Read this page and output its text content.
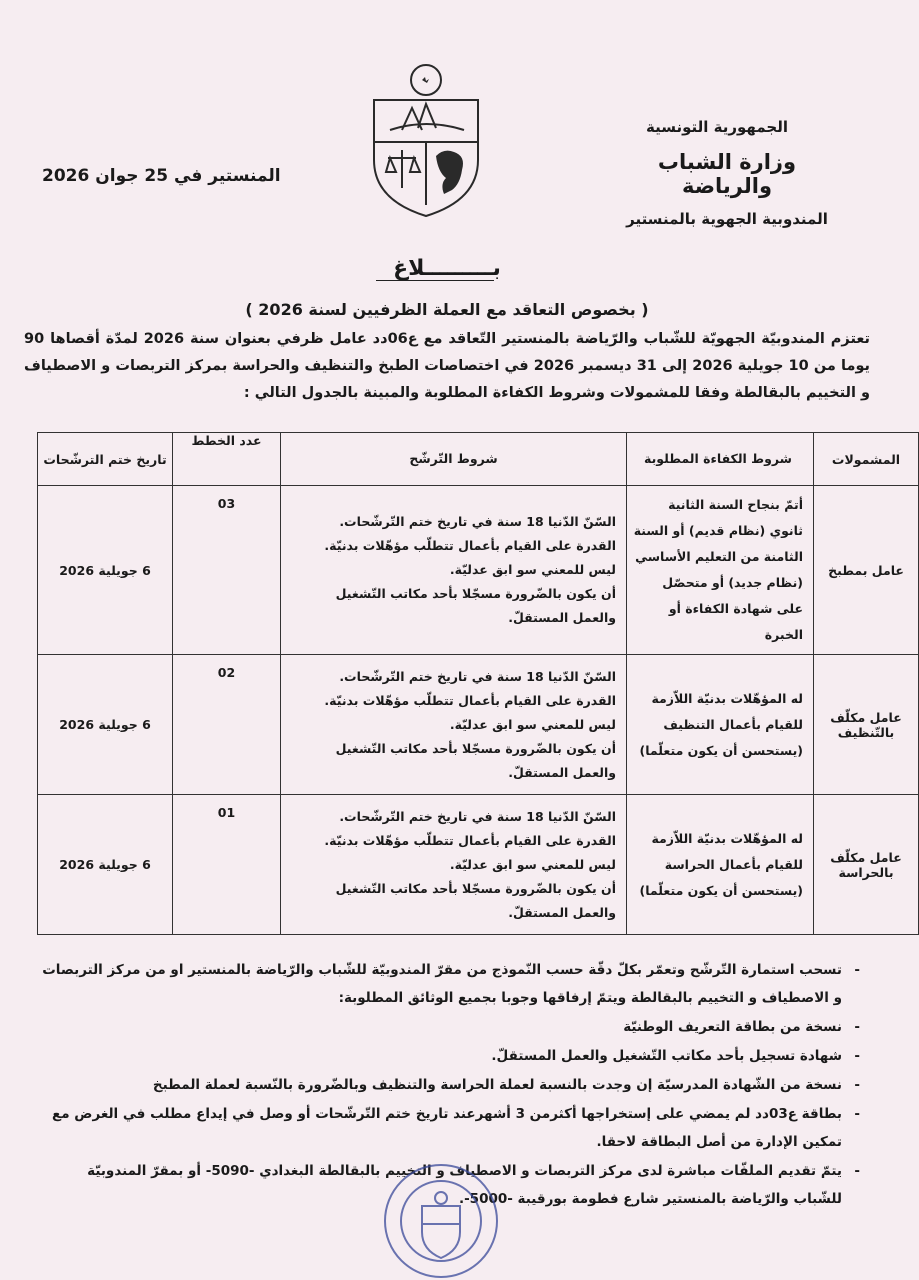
الجمهورية التونسية
وزارة الشباب والرياضة
المندوبية الجهوية بالمنستير
المنستير في 25 جوان 2026
بـــــــــلاغ
( بخصوص التعاقد مع العملة الظرفيين لسنة 2026 )
تعتزم المندوبيّة الجهويّة للشّباب والرّياضة بالمنستير التّعاقد مع ع06دد عامل ظرفي بعنوان سنة 2026 لمدّة أقصاها 90 يوما من 10 جويلية 2026 إلى 31 ديسمبر 2026 في اختصاصات الطبخ والتنظيف والحراسة بمركز التربصات و الاصطياف و التخييم بالبقالطة وفقا للمشمولات وشروط الكفاءة المطلوبة والمبينة بالجدول التالي :
المشمولات	شروط الكفاءة المطلوبة	شروط التّرشّح	عدد الخطط	تاريخ ختم الترشّحات
عامل بمطبخ	أتمّ بنجاح السنة الثانية ثانوي (نظام قديم) أو السنة الثامنة من التعليم الأساسي (نظام جديد) أو متحصّل على شهادة الكفاءة أو الخبرة	السّنّ الدّنيا 18 سنة في تاريخ ختم التّرشّحات.
القدرة على القيام بأعمال تتطلّب مؤهّلات بدنيّة.
ليس للمعني سو ابق عدليّة.
أن يكون بالضّرورة مسجّلا بأحد مكاتب التّشغيل والعمل المستقلّ.	03	6 جويلية 2026
عامل مكلّف بالتّنظيف	له المؤهّلات بدنيّة اللاّزمة للقيام بأعمال التنظيف (يستحسن أن يكون متعلّما)	السّنّ الدّنيا 18 سنة في تاريخ ختم التّرشّحات.
القدرة على القيام بأعمال تتطلّب مؤهّلات بدنيّة.
ليس للمعني سو ابق عدليّة.
أن يكون بالضّرورة مسجّلا بأحد مكاتب التّشغيل والعمل المستقلّ.	02	6 جويلية 2026
عامل مكلّف بالحراسة	له المؤهّلات بدنيّة اللاّزمة للقيام بأعمال الحراسة (يستحسن أن يكون متعلّما)	السّنّ الدّنيا 18 سنة في تاريخ ختم التّرشّحات.
القدرة على القيام بأعمال تتطلّب مؤهّلات بدنيّة.
ليس للمعني سو ابق عدليّة.
أن يكون بالضّرورة مسجّلا بأحد مكاتب التّشغيل والعمل المستقلّ.	01	6 جويلية 2026
- تسحب استمارة التّرشّح وتعمّر بكلّ دقّة حسب النّموذج من مقرّ المندوبيّة للشّباب والرّياضة بالمنستير او من مركز التربصات و الاصطياف و التخييم بالبقالطة ويتمّ إرفاقها وجوبا بجميع الوثائق المطلوبة:
- نسخة من بطاقة التعريف الوطنيّة
- شهادة تسجيل بأحد مكاتب التّشغيل والعمل المستقلّ.
- نسخة من الشّهادة المدرسيّة إن وجدت بالنسبة لعملة الحراسة والتنظيف وبالضّرورة بالنّسبة لعملة المطبخ
- بطاقة ع03دد لم يمضي على إستخراجها أكثرمن 3 أشهرعند تاريخ ختم التّرشّحات أو وصل في إيداع مطلب في الغرض مع تمكين الإدارة من أصل البطاقة لاحقا.
- يتمّ تقديم الملفّات مباشرة لدى مركز التربصات و الاصطياف و التخييم بالبقالطة البغدادي -5090- أو بمقرّ المندوبيّة للشّباب والرّياضة بالمنستير شارع فطومة بورقيبة -5000-.
